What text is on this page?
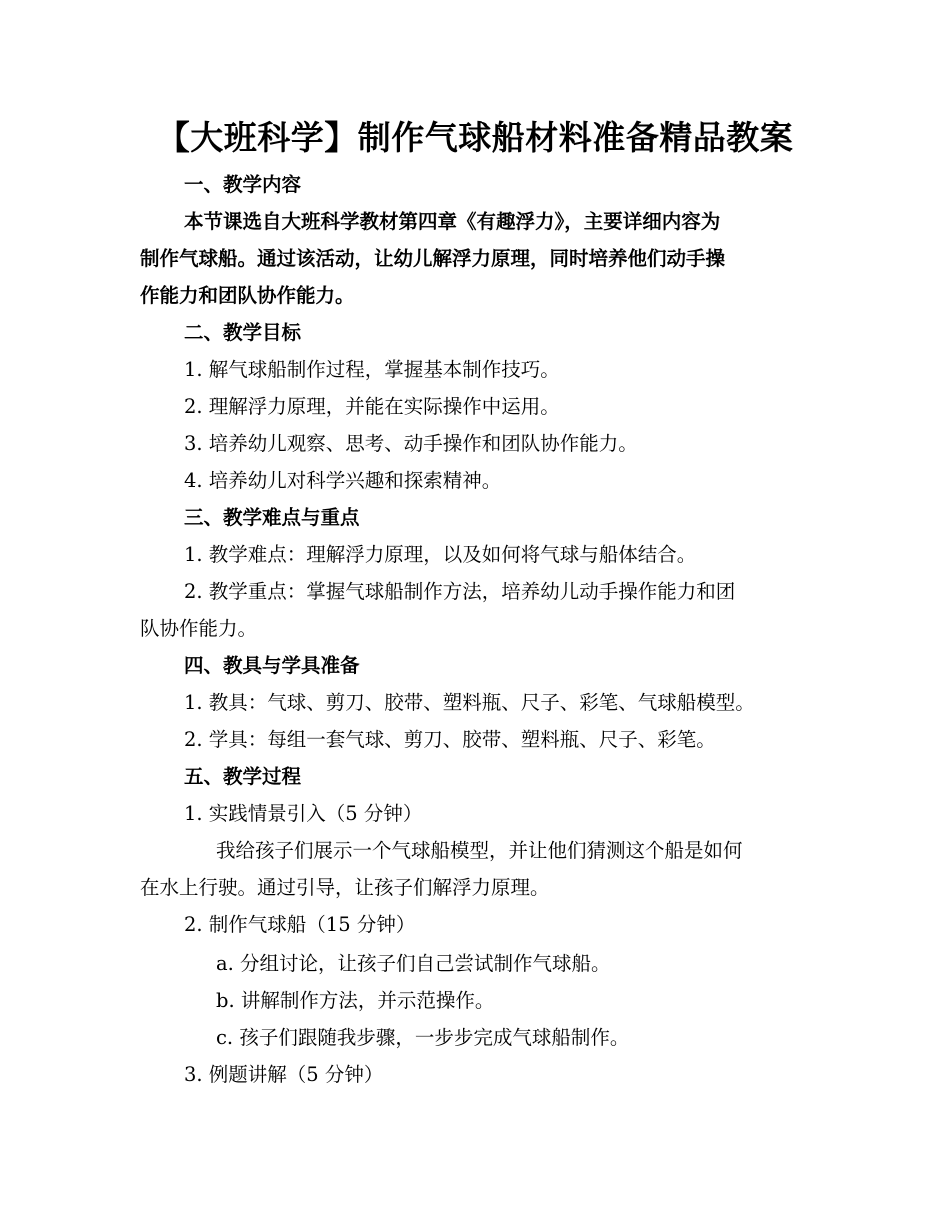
【大班科学】制作气球船材料准备精品教案
一、教学内容
本节课选自大班科学教材第四章《有趣浮力》，主要详细内容为
制作气球船。通过该活动，让幼儿解浮力原理，同时培养他们动手操
作能力和团队协作能力。
二、教学目标
1. 解气球船制作过程，掌握基本制作技巧。
2. 理解浮力原理，并能在实际操作中运用。
3. 培养幼儿观察、思考、动手操作和团队协作能力。
4. 培养幼儿对科学兴趣和探索精神。
三、教学难点与重点
1. 教学难点：理解浮力原理，以及如何将气球与船体结合。
2. 教学重点：掌握气球船制作方法，培养幼儿动手操作能力和团
队协作能力。
四、教具与学具准备
1. 教具：气球、剪刀、胶带、塑料瓶、尺子、彩笔、气球船模型。
2. 学具：每组一套气球、剪刀、胶带、塑料瓶、尺子、彩笔。
五、教学过程
1. 实践情景引入（5 分钟）
我给孩子们展示一个气球船模型，并让他们猜测这个船是如何
在水上行驶。通过引导，让孩子们解浮力原理。
2. 制作气球船（15 分钟）
a. 分组讨论，让孩子们自己尝试制作气球船。
b. 讲解制作方法，并示范操作。
c. 孩子们跟随我步骤，一步步完成气球船制作。
3. 例题讲解（5 分钟）
